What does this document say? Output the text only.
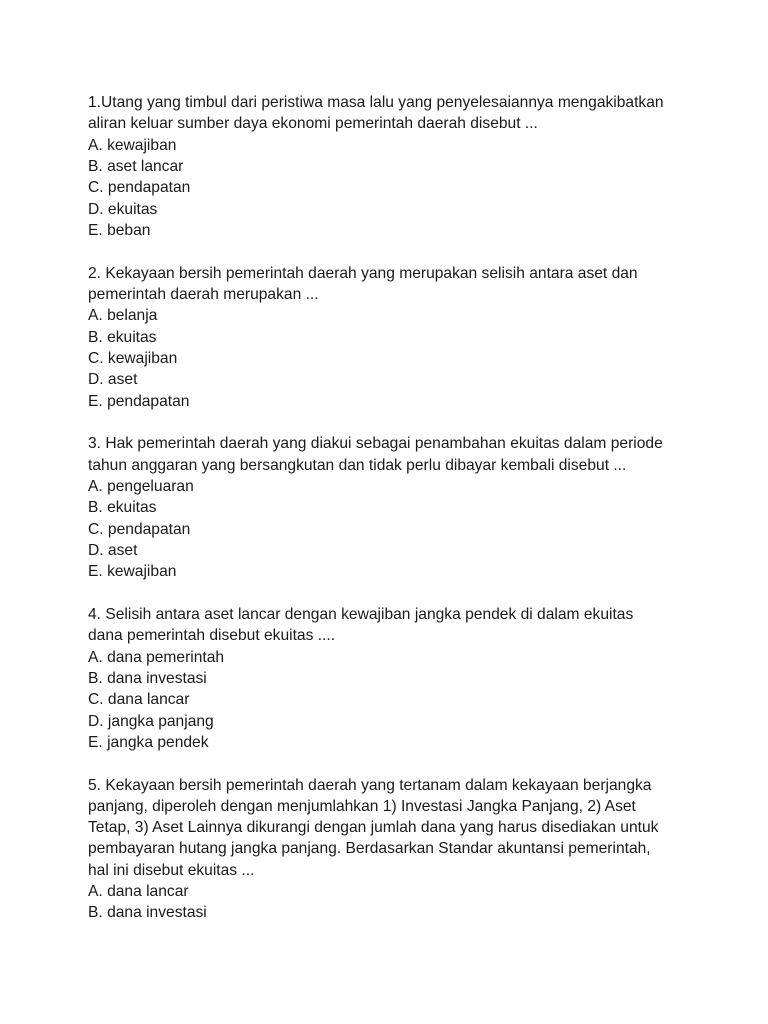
1.Utang yang timbul dari peristiwa masa lalu yang penyelesaiannya mengakibatkan
aliran keluar sumber daya ekonomi pemerintah daerah disebut ...
A. kewajiban
B. aset lancar
C. pendapatan
D. ekuitas
E. beban
2. Kekayaan bersih pemerintah daerah yang merupakan selisih antara aset dan
pemerintah daerah merupakan ...
A. belanja
B. ekuitas
C. kewajiban
D. aset
E. pendapatan
3. Hak pemerintah daerah yang diakui sebagai penambahan ekuitas dalam periode
tahun anggaran yang bersangkutan dan tidak perlu dibayar kembali disebut ...
A. pengeluaran
B. ekuitas
C. pendapatan
D. aset
E. kewajiban
4. Selisih antara aset lancar dengan kewajiban jangka pendek di dalam ekuitas
dana pemerintah disebut ekuitas ....
A. dana pemerintah
B. dana investasi
C. dana lancar
D. jangka panjang
E. jangka pendek
5. Kekayaan bersih pemerintah daerah yang tertanam dalam kekayaan berjangka
panjang, diperoleh dengan menjumlahkan 1) Investasi Jangka Panjang, 2) Aset
Tetap, 3) Aset Lainnya dikurangi dengan jumlah dana yang harus disediakan untuk
pembayaran hutang jangka panjang. Berdasarkan Standar akuntansi pemerintah,
hal ini disebut ekuitas ...
A. dana lancar
B. dana investasi
